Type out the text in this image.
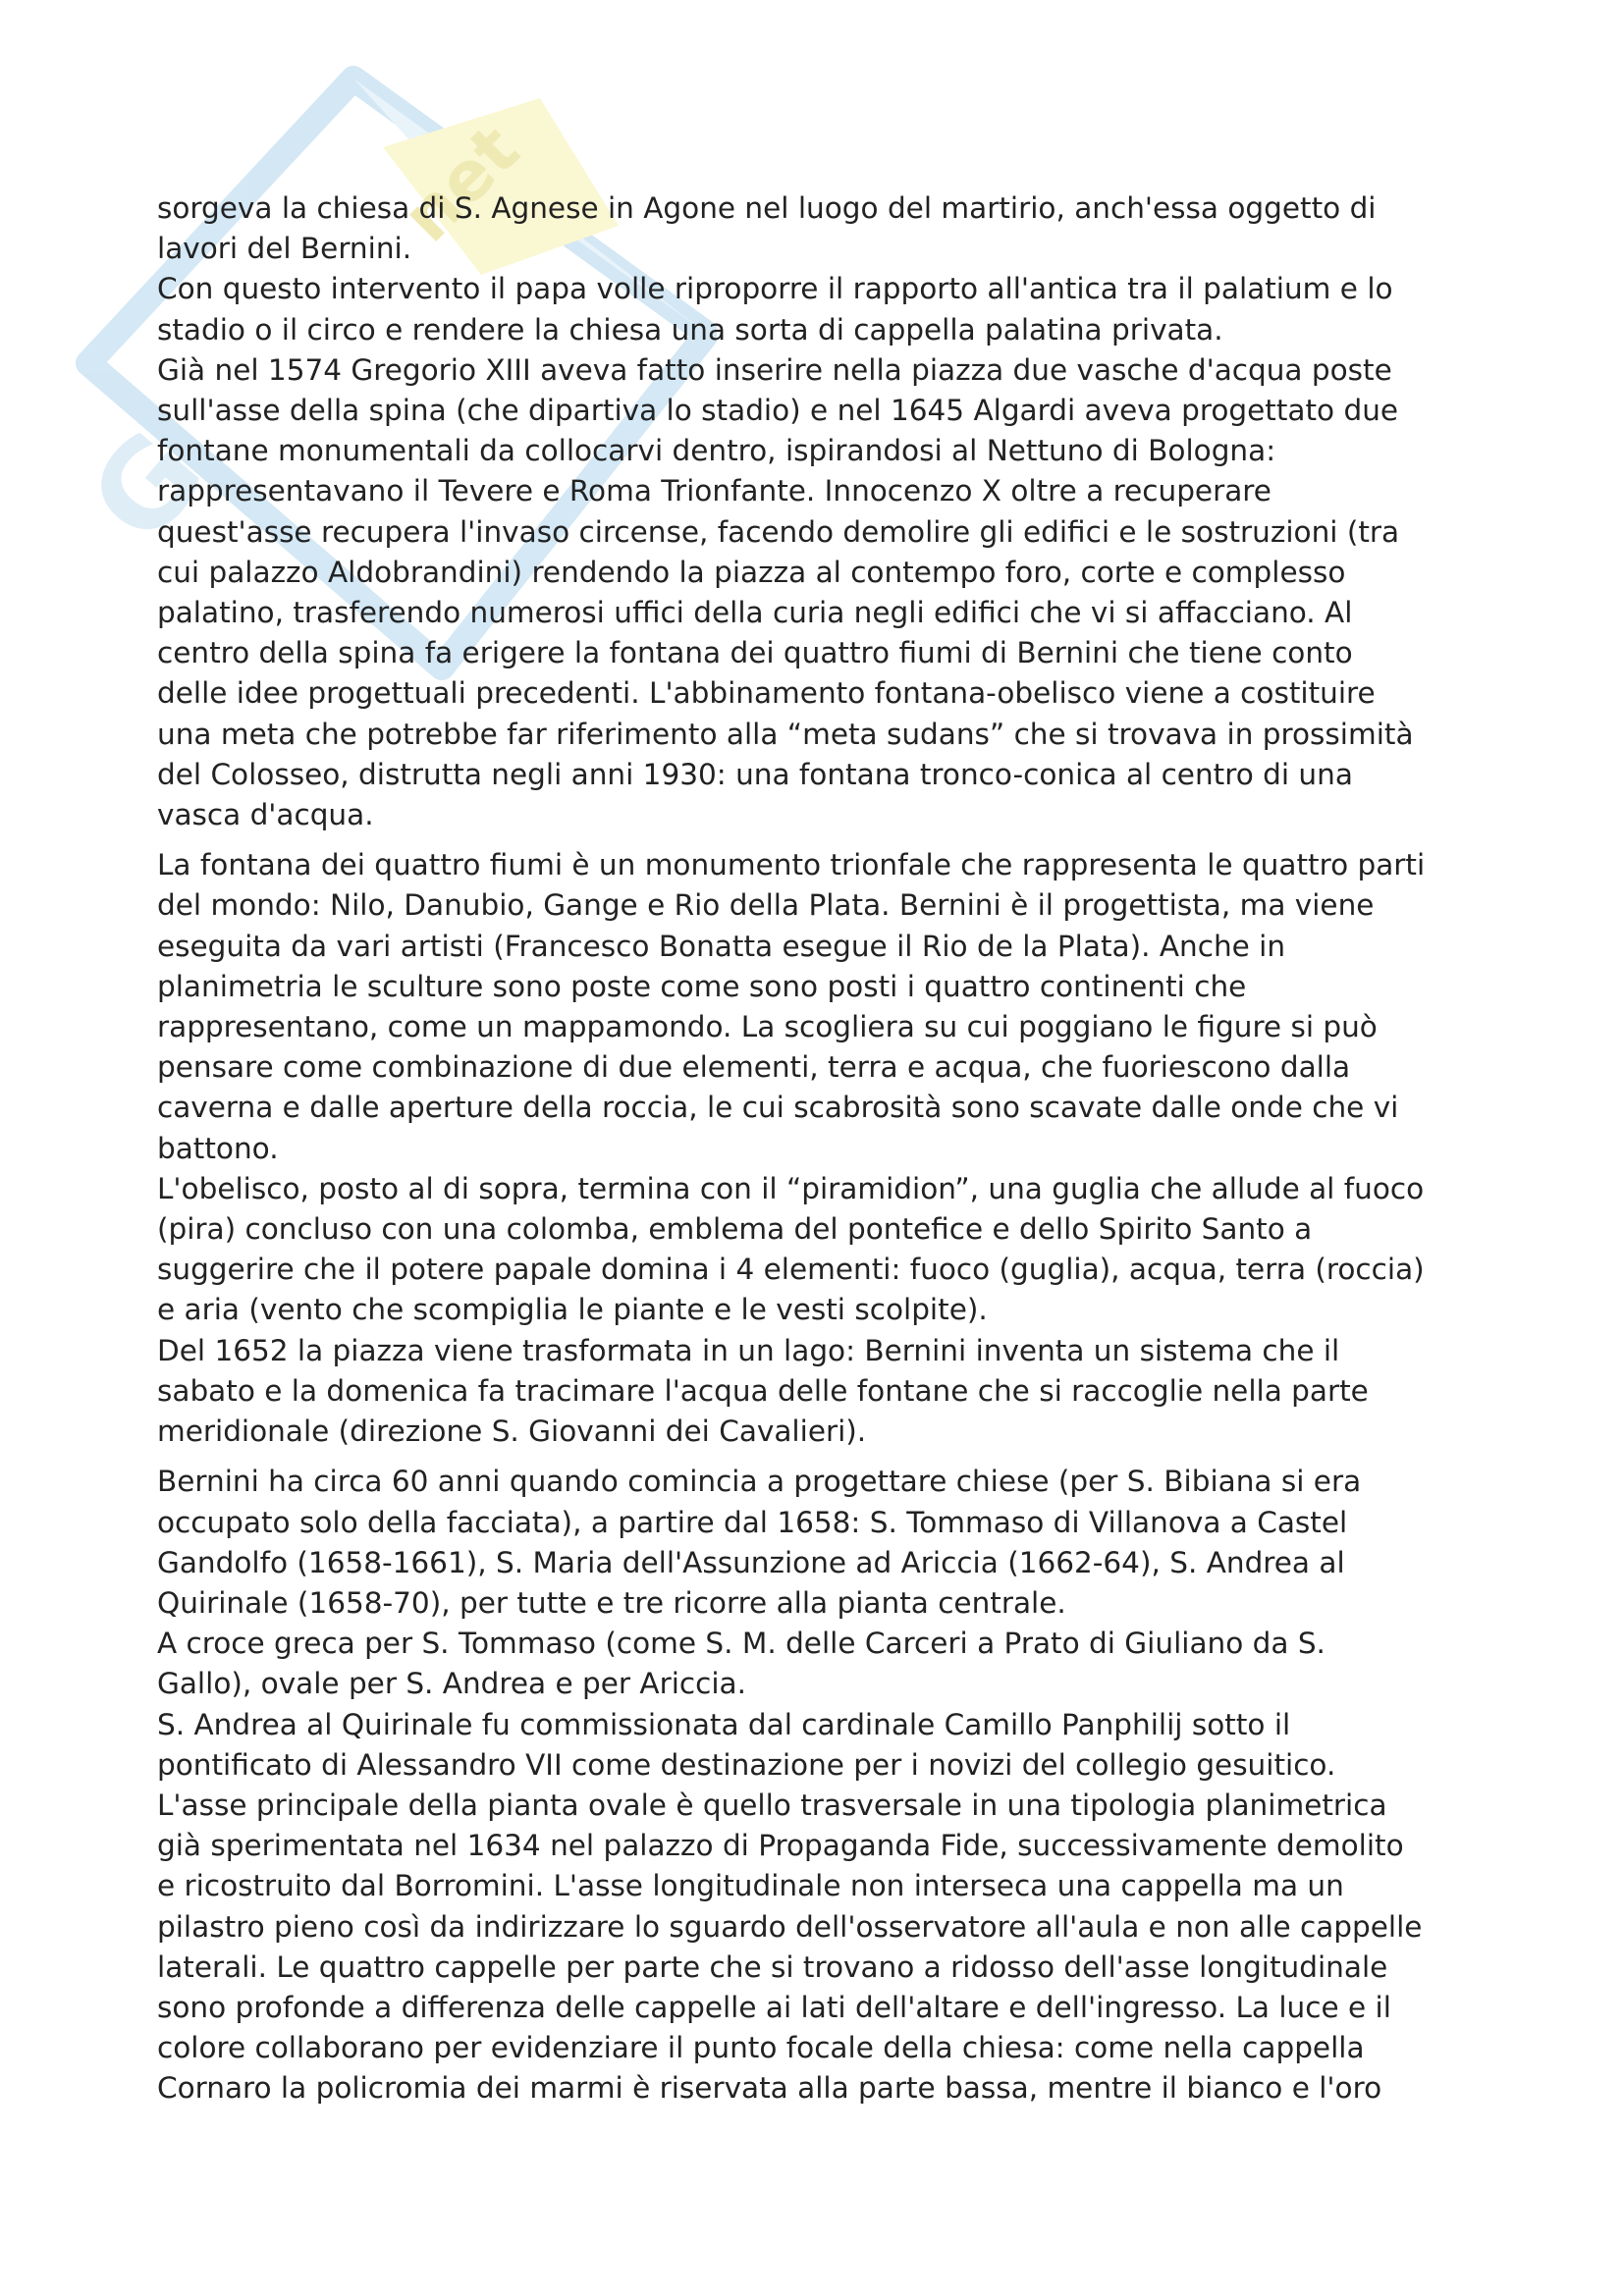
G
net

sorgeva la chiesa di S. Agnese in Agone nel luogo del martirio, anch'essa oggetto di
lavori del Bernini.

Con questo intervento il papa volle riproporre il rapporto all'antica tra il palatium e lo
stadio o il circo e rendere la chiesa una sorta di cappella palatina privata.

Già nel 1574 Gregorio XIII aveva fatto inserire nella piazza due vasche d'acqua poste
sull'asse della spina (che dipartiva lo stadio) e nel 1645 Algardi aveva progettato due
fontane monumentali da collocarvi dentro, ispirandosi al Nettuno di Bologna:
rappresentavano il Tevere e Roma Trionfante. Innocenzo X oltre a recuperare
quest'asse recupera l'invaso circense, facendo demolire gli edifici e le sostruzioni (tra
cui palazzo Aldobrandini) rendendo la piazza al contempo foro, corte e complesso
palatino, trasferendo numerosi uffici della curia negli edifici che vi si affacciano. Al
centro della spina fa erigere la fontana dei quattro fiumi di Bernini che tiene conto
delle idee progettuali precedenti. L'abbinamento fontana-obelisco viene a costituire
una meta che potrebbe far riferimento alla “meta sudans” che si trovava in prossimità
del Colosseo, distrutta negli anni 1930: una fontana tronco-conica al centro di una
vasca d'acqua.

La fontana dei quattro fiumi è un monumento trionfale che rappresenta le quattro parti
del mondo: Nilo, Danubio, Gange e Rio della Plata. Bernini è il progettista, ma viene
eseguita da vari artisti (Francesco Bonatta esegue il Rio de la Plata). Anche in
planimetria le sculture sono poste come sono posti i quattro continenti che
rappresentano, come un mappamondo. La scogliera su cui poggiano le figure si può
pensare come combinazione di due elementi, terra e acqua, che fuoriescono dalla
caverna e dalle aperture della roccia, le cui scabrosità sono scavate dalle onde che vi
battono.

L'obelisco, posto al di sopra, termina con il “piramidion”, una guglia che allude al fuoco
(pira) concluso con una colomba, emblema del pontefice e dello Spirito Santo a
suggerire che il potere papale domina i 4 elementi: fuoco (guglia), acqua, terra (roccia)
e aria (vento che scompiglia le piante e le vesti scolpite).

Del 1652 la piazza viene trasformata in un lago: Bernini inventa un sistema che il
sabato e la domenica fa tracimare l'acqua delle fontane che si raccoglie nella parte
meridionale (direzione S. Giovanni dei Cavalieri).

Bernini ha circa 60 anni quando comincia a progettare chiese (per S. Bibiana si era
occupato solo della facciata), a partire dal 1658: S. Tommaso di Villanova a Castel
Gandolfo (1658-1661), S. Maria dell'Assunzione ad Ariccia (1662-64), S. Andrea al
Quirinale (1658-70), per tutte e tre ricorre alla pianta centrale.

A croce greca per S. Tommaso (come S. M. delle Carceri a Prato di Giuliano da S.
Gallo), ovale per S. Andrea e per Ariccia.

S. Andrea al Quirinale fu commissionata dal cardinale Camillo Panphilij sotto il
pontificato di Alessandro VII come destinazione per i novizi del collegio gesuitico.
L'asse principale della pianta ovale è quello trasversale in una tipologia planimetrica
già sperimentata nel 1634 nel palazzo di Propaganda Fide, successivamente demolito
e ricostruito dal Borromini. L'asse longitudinale non interseca una cappella ma un
pilastro pieno così da indirizzare lo sguardo dell'osservatore all'aula e non alle cappelle
laterali. Le quattro cappelle per parte che si trovano a ridosso dell'asse longitudinale
sono profonde a differenza delle cappelle ai lati dell'altare e dell'ingresso. La luce e il
colore collaborano per evidenziare il punto focale della chiesa: come nella cappella
Cornaro la policromia dei marmi è riservata alla parte bassa, mentre il bianco e l'oro
